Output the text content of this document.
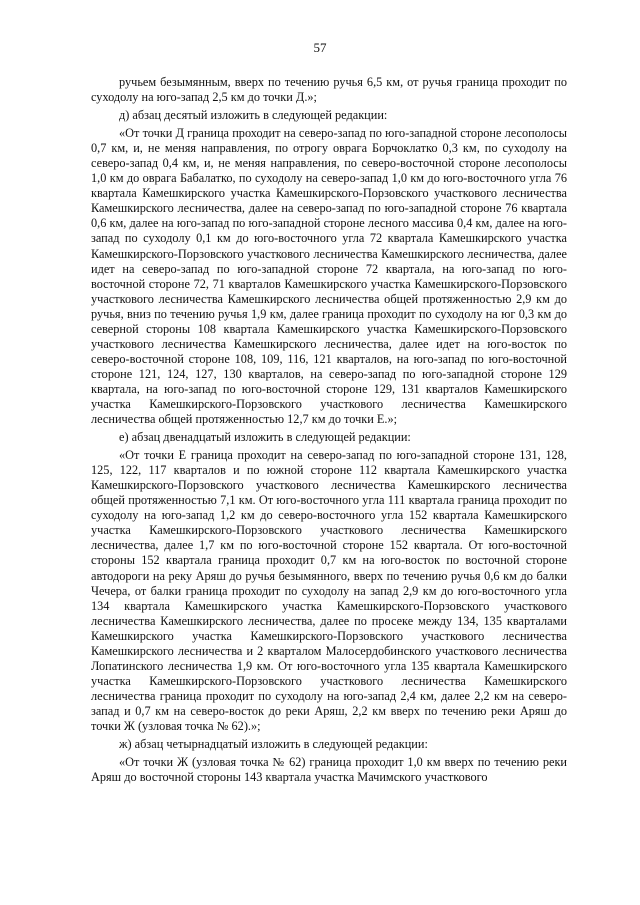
57

ручьем безымянным, вверх по течению ручья 6,5 км, от ручья граница проходит по суходолу на юго-запад 2,5 км до точки Д.»;

д) абзац десятый изложить в следующей редакции:

«От точки Д граница проходит на северо-запад по юго-западной стороне лесополосы 0,7 км, и, не меняя направления, по отрогу оврага Борчоклатко 0,3 км, по суходолу на северо-запад 0,4 км, и, не меняя направления, по северо-восточной стороне лесополосы 1,0 км до оврага Бабалатко, по суходолу на северо-запад 1,0 км до юго-восточного угла 76 квартала Камешкирского участка Камешкирского-Порзовского участкового лесничества Камешкирского лесничества, далее на северо-запад по юго-западной стороне 76 квартала 0,6 км, далее на юго-запад по юго-западной стороне лесного массива 0,4 км, далее на юго-запад по суходолу 0,1 км до юго-восточного угла 72 квартала Камешкирского участка Камешкирского-Порзовского участкового лесничества Камешкирского лесничества, далее идет на северо-запад по юго-западной стороне 72 квартала, на юго-запад по юго-восточной стороне 72, 71 кварталов Камешкирского участка Камешкирского-Порзовского участкового лесничества Камешкирского лесничества общей протяженностью 2,9 км до ручья, вниз по течению ручья 1,9 км, далее граница проходит по суходолу на юг 0,3 км до северной стороны 108 квартала Камешкирского участка Камешкирского-Порзовского участкового лесничества Камешкирского лесничества, далее идет на юго-восток по северо-восточной стороне 108, 109, 116, 121 кварталов, на юго-запад по юго-восточной стороне 121, 124, 127, 130 кварталов, на северо-запад по юго-западной стороне 129 квартала, на юго-запад по юго-восточной стороне 129, 131 кварталов Камешкирского участка Камешкирского-Порзовского участкового лесничества Камешкирского лесничества общей протяженностью 12,7 км до точки Е.»;

е) абзац двенадцатый изложить в следующей редакции:

«От точки Е граница проходит на северо-запад по юго-западной стороне 131, 128, 125, 122, 117 кварталов и по южной стороне 112 квартала Камешкирского участка Камешкирского-Порзовского участкового лесничества Камешкирского лесничества общей протяженностью 7,1 км. От юго-восточного угла 111 квартала граница проходит по суходолу на юго-запад 1,2 км до северо-восточного угла 152 квартала Камешкирского участка Камешкирского-Порзовского участкового лесничества Камешкирского лесничества, далее 1,7 км по юго-восточной стороне 152 квартала. От юго-восточной стороны 152 квартала граница проходит 0,7 км на юго-восток по восточной стороне автодороги на реку Аряш до ручья безымянного, вверх по течению ручья 0,6 км до балки Чечера, от балки граница проходит по суходолу на запад 2,9 км до юго-восточного угла 134 квартала Камешкирского участка Камешкирского-Порзовского участкового лесничества Камешкирского лесничества, далее по просеке между 134, 135 кварталами Камешкирского участка Камешкирского-Порзовского участкового лесничества Камешкирского лесничества и 2 кварталом Малосердобинского участкового лесничества Лопатинского лесничества 1,9 км. От юго-восточного угла 135 квартала Камешкирского участка Камешкирского-Порзовского участкового лесничества Камешкирского лесничества граница проходит по суходолу на юго-запад 2,4 км, далее 2,2 км на северо-запад и 0,7 км на северо-восток до реки Аряш, 2,2 км вверх по течению реки Аряш до точки Ж (узловая точка № 62).»;

ж) абзац четырнадцатый изложить в следующей редакции:

«От точки Ж (узловая точка № 62) граница проходит 1,0 км вверх по течению реки Аряш до восточной стороны 143 квартала участка Мачимского участкового
